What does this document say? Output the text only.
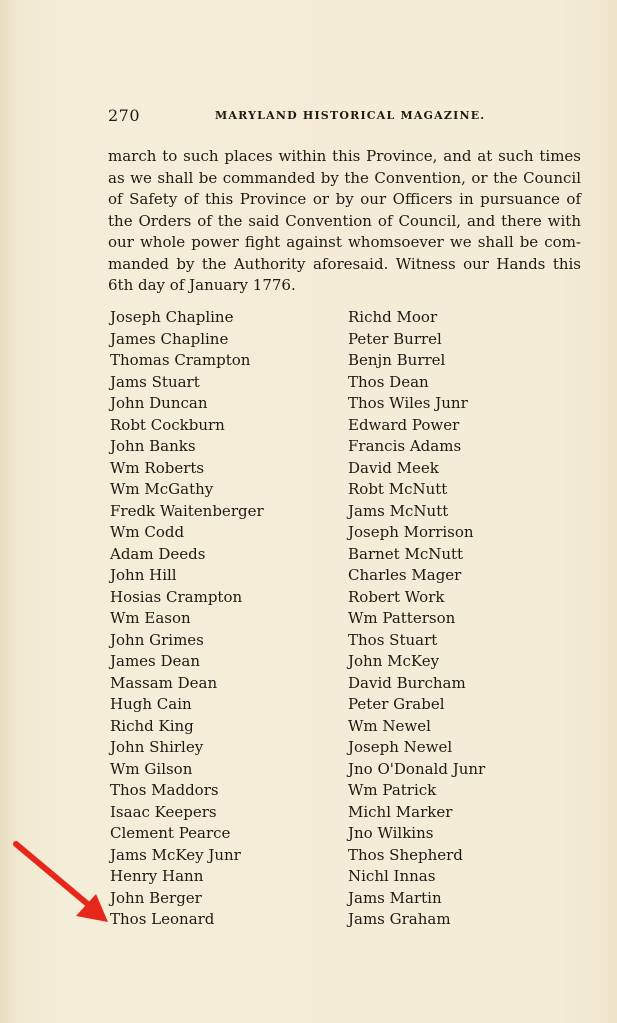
270	MARYLAND HISTORICAL MAGAZINE.
march to such places within this Province, and at such times
as we shall be commanded by the Convention, or the Council
of Safety of this Province or by our Officers in pursuance of
the Orders of the said Convention of Council, and there with
our whole power fight against whomsoever we shall be com-
manded by the Authority aforesaid. Witness our Hands this
6th day of January 1776.
Joseph Chapline
James Chapline
Thomas Crampton
Jams Stuart
John Duncan
Robt Cockburn
John Banks
Wm Roberts
Wm McGathy
Fredk Waitenberger
Wm Codd
Adam Deeds
John Hill
Hosias Crampton
Wm Eason
John Grimes
James Dean
Massam Dean
Hugh Cain
Richd King
John Shirley
Wm Gilson
Thos Maddors
Isaac Keepers
Clement Pearce
Jams McKey Junr
Henry Hann
John Berger
Thos Leonard
Richd Moor
Peter Burrel
Benjn Burrel
Thos Dean
Thos Wiles Junr
Edward Power
Francis Adams
David Meek
Robt McNutt
Jams McNutt
Joseph Morrison
Barnet McNutt
Charles Mager
Robert Work
Wm Patterson
Thos Stuart
John McKey
David Burcham
Peter Grabel
Wm Newel
Joseph Newel
Jno O'Donald Junr
Wm Patrick
Michl Marker
Jno Wilkins
Thos Shepherd
Nichl Innas
Jams Martin
Jams Graham
